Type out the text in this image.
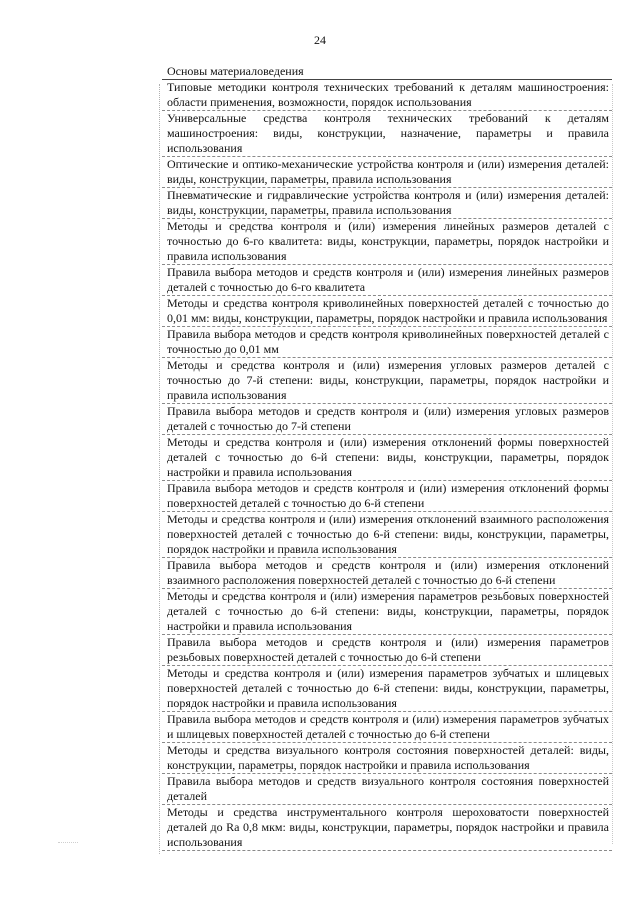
24
Основы материаловедения
Типовые методики контроля технических требований к деталям машиностроения: области применения, возможности, порядок использования
Универсальные средства контроля технических требований к деталям машиностроения: виды, конструкции, назначение, параметры и правила использования
Оптические и оптико-механические устройства контроля и (или) измерения деталей: виды, конструкции, параметры, правила использования
Пневматические и гидравлические устройства контроля и (или) измерения деталей: виды, конструкции, параметры, правила использования
Методы и средства контроля и (или) измерения линейных размеров деталей с точностью до 6-го квалитета: виды, конструкции, параметры, порядок настройки и правила использования
Правила выбора методов и средств контроля и (или) измерения линейных размеров деталей с точностью до 6-го квалитета
Методы и средства контроля криволинейных поверхностей деталей с точностью до 0,01 мм: виды, конструкции, параметры, порядок настройки и правила использования
Правила выбора методов и средств контроля криволинейных поверхностей деталей с точностью до 0,01 мм
Методы и средства контроля и (или) измерения угловых размеров деталей с точностью до 7-й степени: виды, конструкции, параметры, порядок настройки и правила использования
Правила выбора методов и средств контроля и (или) измерения угловых размеров деталей с точностью до 7-й степени
Методы и средства контроля и (или) измерения отклонений формы поверхностей деталей с точностью до 6-й степени: виды, конструкции, параметры, порядок настройки и правила использования
Правила выбора методов и средств контроля и (или) измерения отклонений формы поверхностей деталей с точностью до 6-й степени
Методы и средства контроля и (или) измерения отклонений взаимного расположения поверхностей деталей с точностью до 6-й степени: виды, конструкции, параметры, порядок настройки и правила использования
Правила выбора методов и средств контроля и (или) измерения отклонений взаимного расположения поверхностей деталей с точностью до 6-й степени
Методы и средства контроля и (или) измерения параметров резьбовых поверхностей деталей с точностью до 6-й степени: виды, конструкции, параметры, порядок настройки и правила использования
Правила выбора методов и средств контроля и (или) измерения параметров резьбовых поверхностей деталей с точностью до 6-й степени
Методы и средства контроля и (или) измерения параметров зубчатых и шлицевых поверхностей деталей с точностью до 6-й степени: виды, конструкции, параметры, порядок настройки и правила использования
Правила выбора методов и средств контроля и (или) измерения параметров зубчатых и шлицевых поверхностей деталей с точностью до 6-й степени
Методы и средства визуального контроля состояния поверхностей деталей: виды, конструкции, параметры, порядок настройки и правила использования
Правила выбора методов и средств визуального контроля состояния поверхностей деталей
Методы и средства инструментального контроля шероховатости поверхностей деталей до Ra 0,8 мкм: виды, конструкции, параметры, порядок настройки и правила использования
